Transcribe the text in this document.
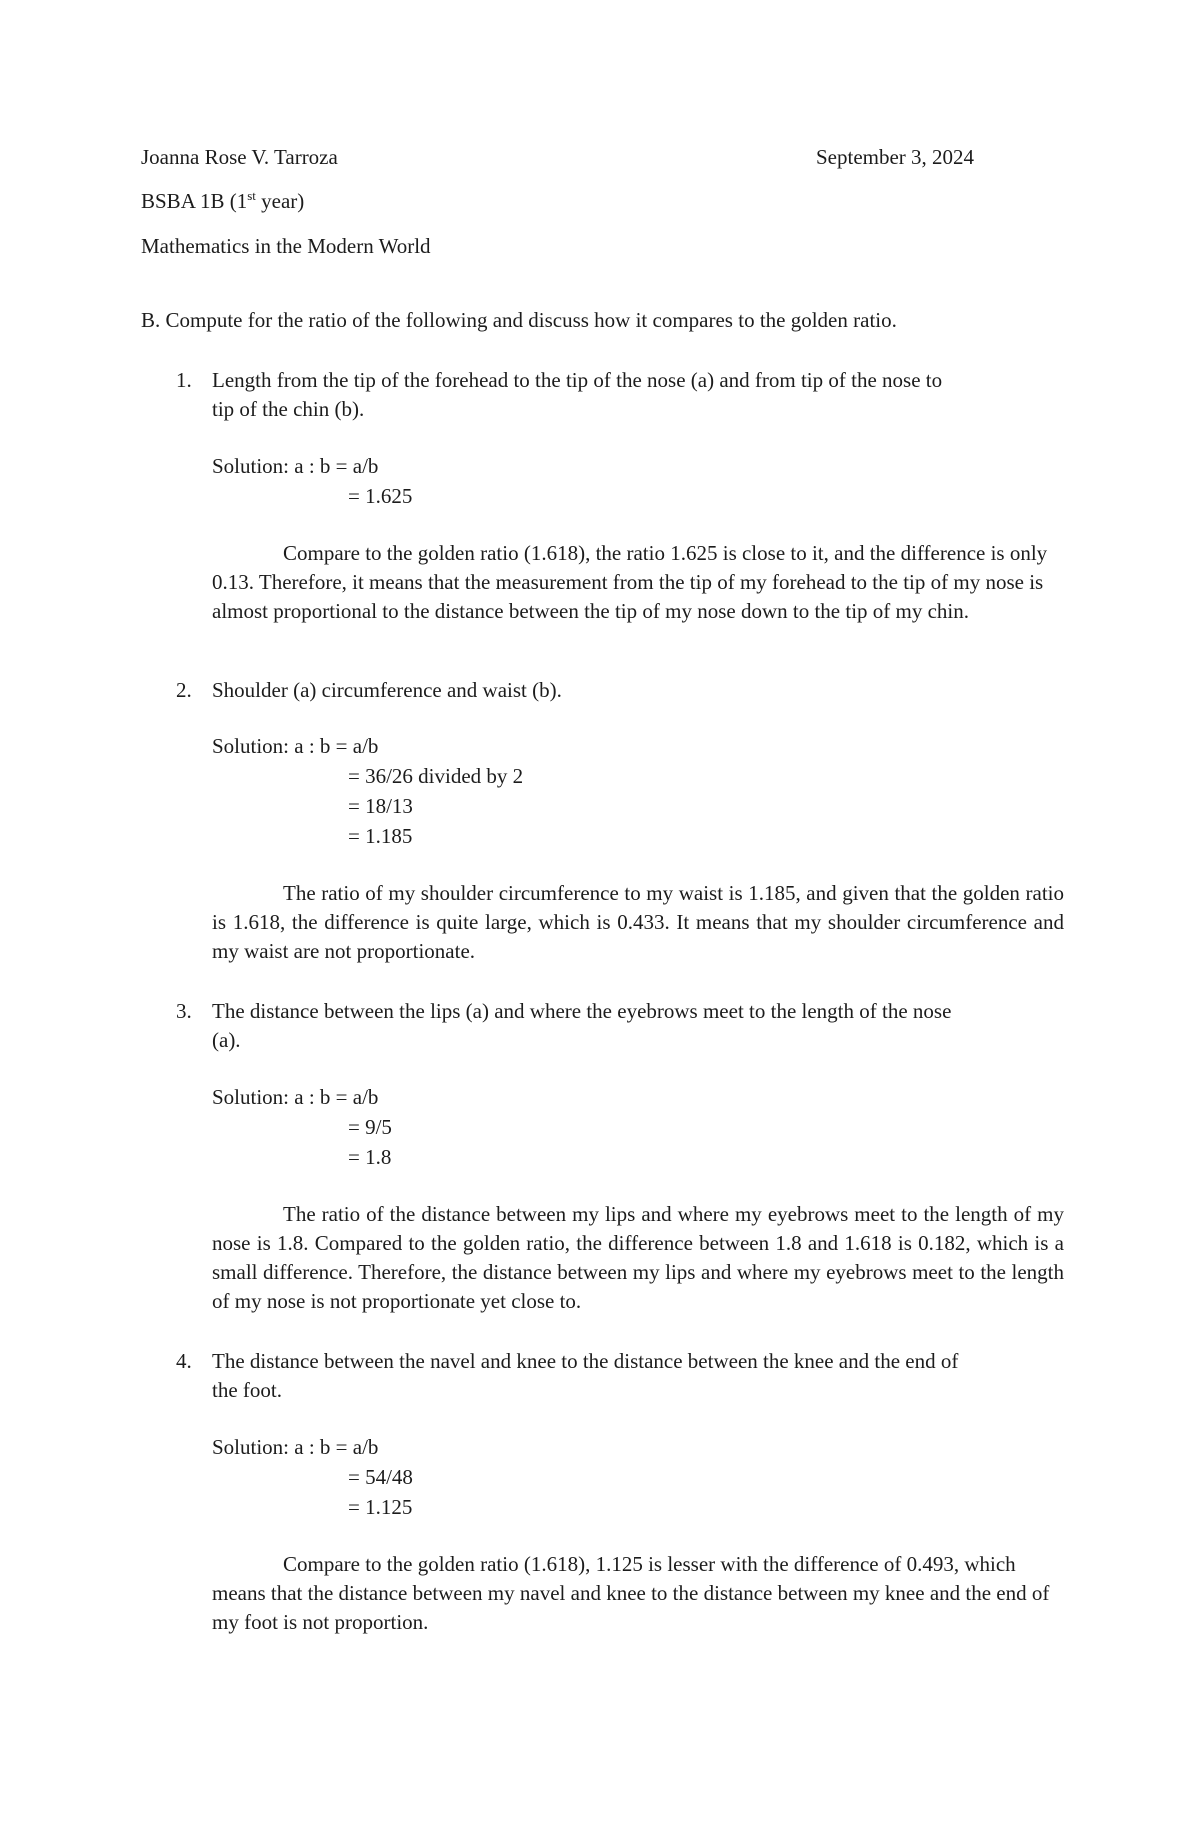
Joanna Rose V. Tarroza	September 3, 2024
BSBA 1B (1st year)
Mathematics in the Modern World
B. Compute for the ratio of the following and discuss how it compares to the golden ratio.
1. Length from the tip of the forehead to the tip of the nose (a) and from tip of the nose to
tip of the chin (b).
Solution: a : b = a/b
= 1.625
Compare to the golden ratio (1.618), the ratio 1.625 is close to it, and the difference is only 0.13. Therefore, it means that the measurement from the tip of my forehead to the tip of my nose is almost proportional to the distance between the tip of my nose down to the tip of my chin.
2. Shoulder (a) circumference and waist (b).
Solution: a : b = a/b
= 36/26 divided by 2
= 18/13
= 1.185
The ratio of my shoulder circumference to my waist is 1.185, and given that the golden ratio is 1.618, the difference is quite large, which is 0.433. It means that my shoulder circumference and my waist are not proportionate.
3. The distance between the lips (a) and where the eyebrows meet to the length of the nose
(a).
Solution: a : b = a/b
= 9/5
= 1.8
The ratio of the distance between my lips and where my eyebrows meet to the length of my nose is 1.8. Compared to the golden ratio, the difference between 1.8 and 1.618 is 0.182, which is a small difference. Therefore, the distance between my lips and where my eyebrows meet to the length of my nose is not proportionate yet close to.
4. The distance between the navel and knee to the distance between the knee and the end of
the foot.
Solution: a : b = a/b
= 54/48
= 1.125
Compare to the golden ratio (1.618), 1.125 is lesser with the difference of 0.493, which means that the distance between my navel and knee to the distance between my knee and the end of my foot is not proportion.
